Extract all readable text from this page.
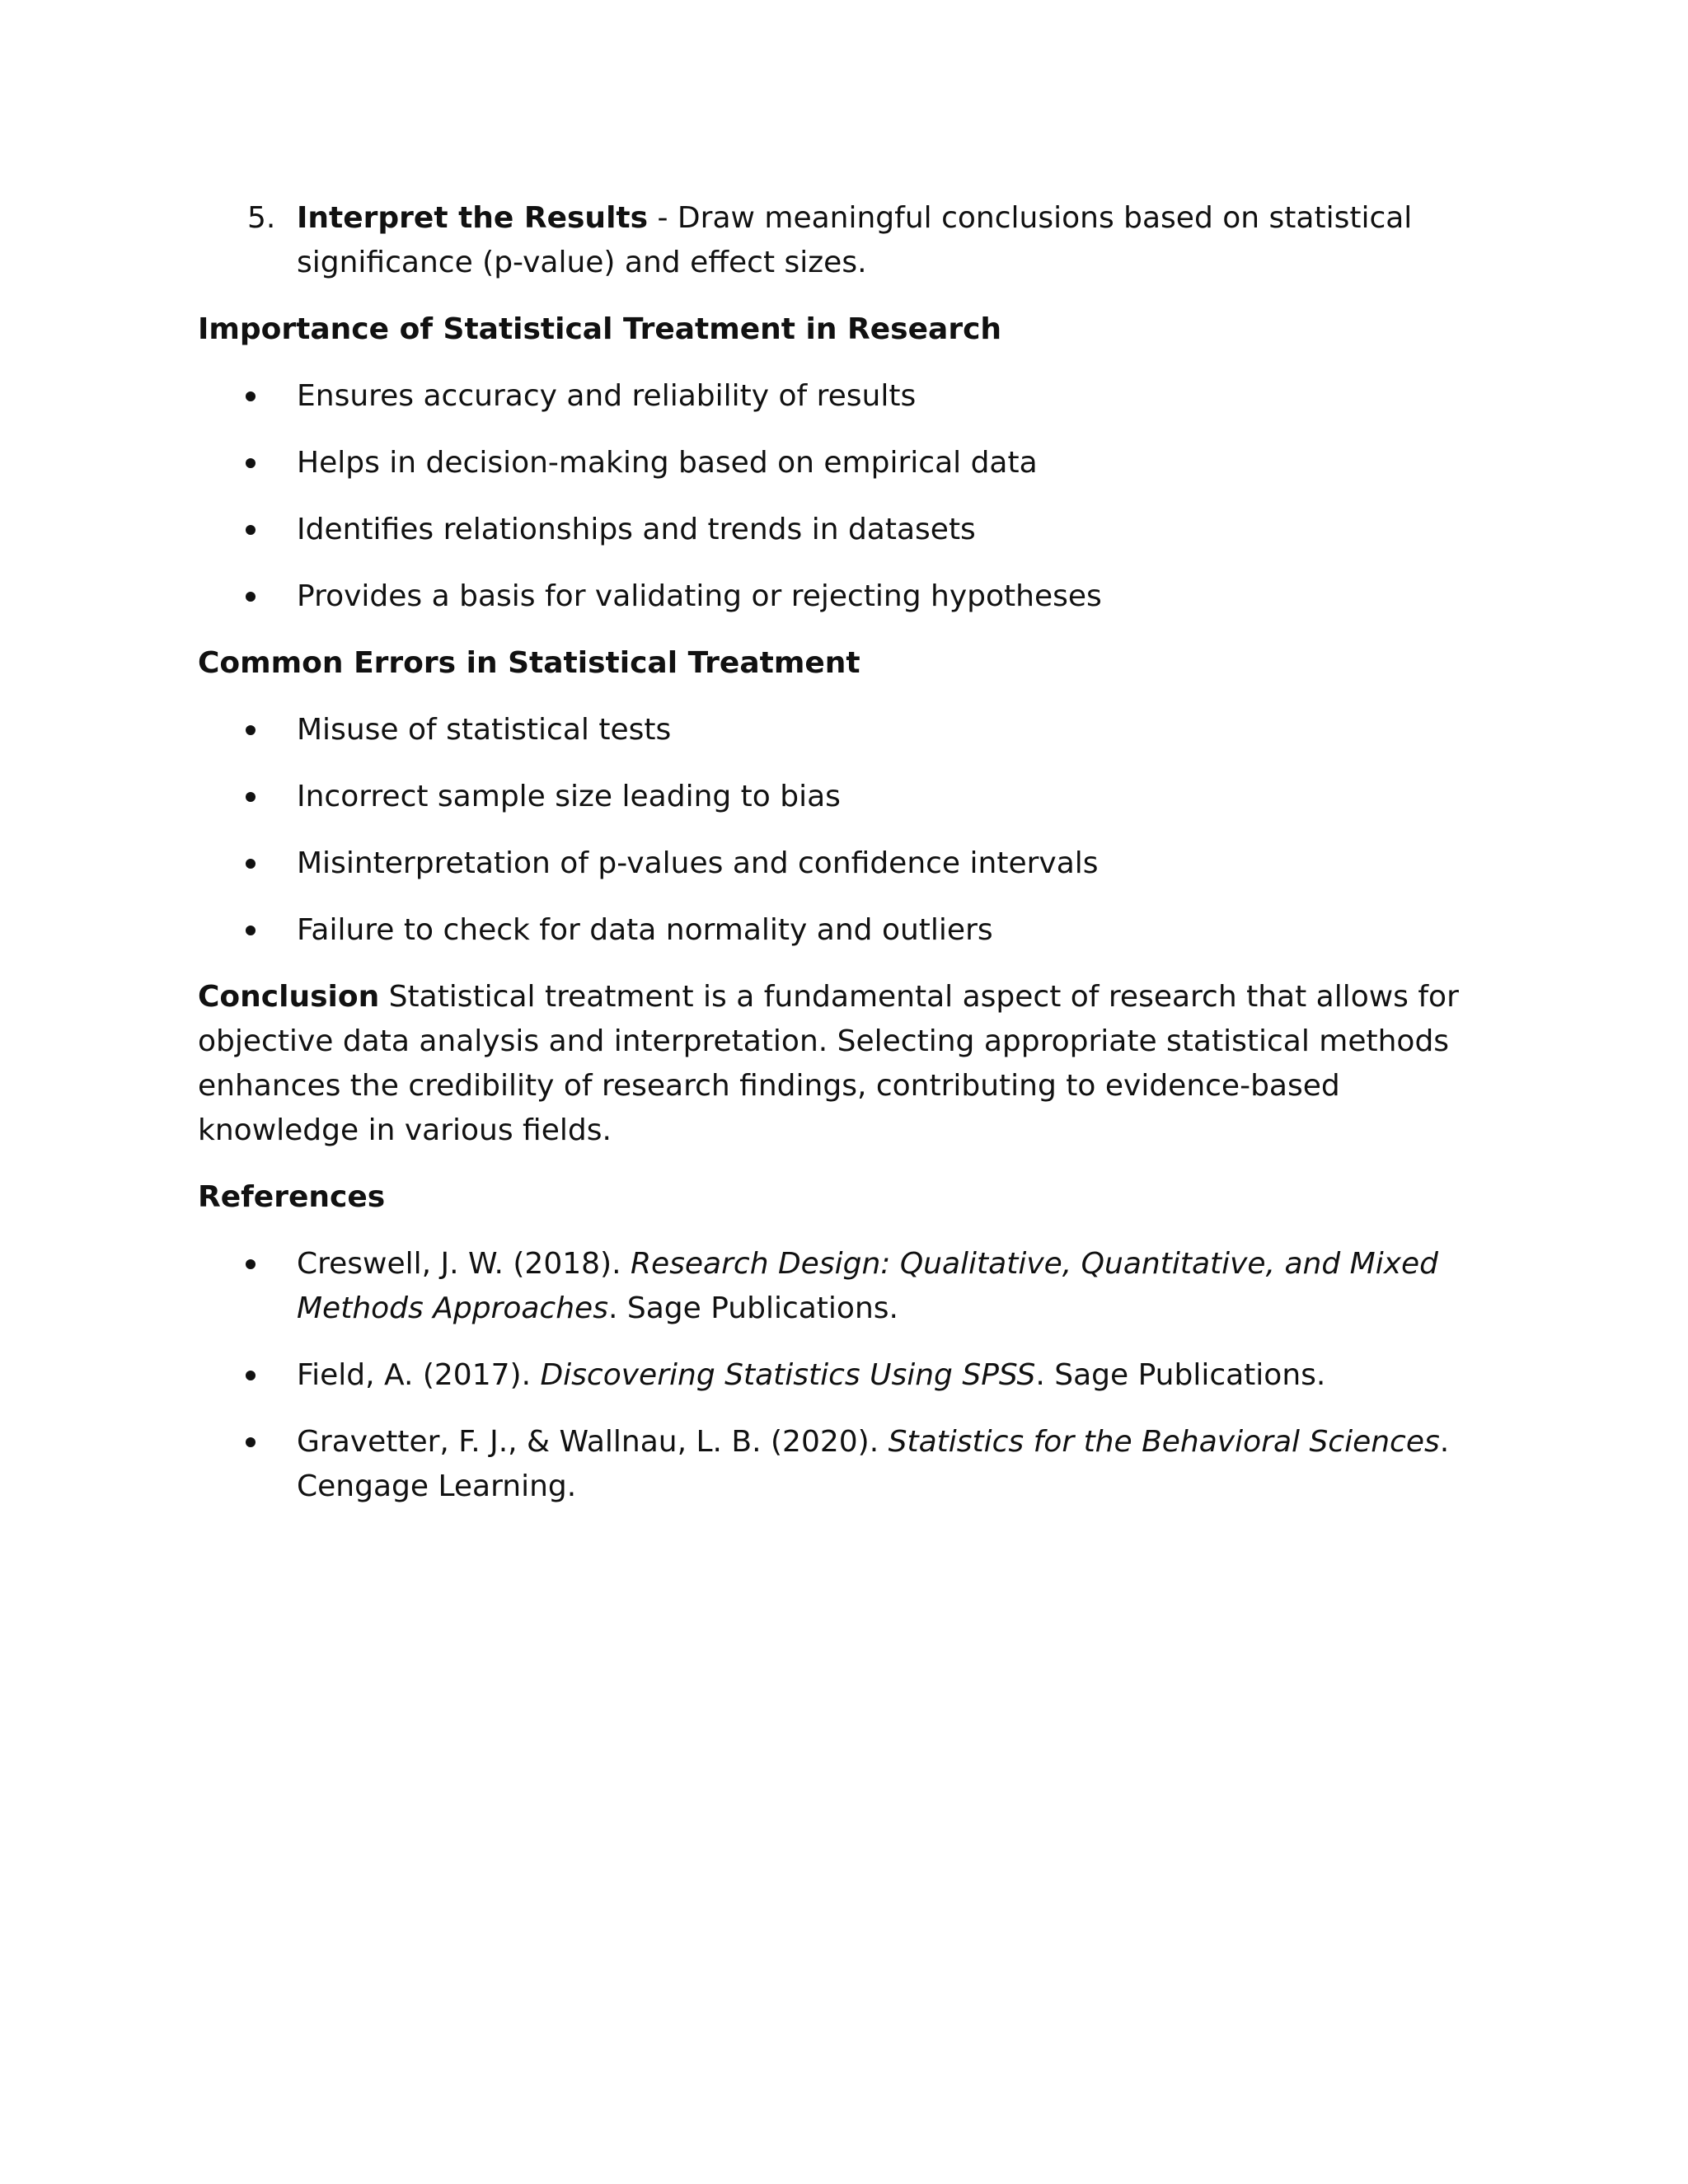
5. Interpret the Results - Draw meaningful conclusions based on statistical significance (p-value) and effect sizes.

Importance of Statistical Treatment in Research

Ensures accuracy and reliability of results
Helps in decision-making based on empirical data
Identifies relationships and trends in datasets
Provides a basis for validating or rejecting hypotheses

Common Errors in Statistical Treatment

Misuse of statistical tests
Incorrect sample size leading to bias
Misinterpretation of p-values and confidence intervals
Failure to check for data normality and outliers

Conclusion Statistical treatment is a fundamental aspect of research that allows for objective data analysis and interpretation. Selecting appropriate statistical methods enhances the credibility of research findings, contributing to evidence-based knowledge in various fields.

References

Creswell, J. W. (2018). Research Design: Qualitative, Quantitative, and Mixed Methods Approaches. Sage Publications.
Field, A. (2017). Discovering Statistics Using SPSS. Sage Publications.
Gravetter, F. J., & Wallnau, L. B. (2020). Statistics for the Behavioral Sciences. Cengage Learning.
